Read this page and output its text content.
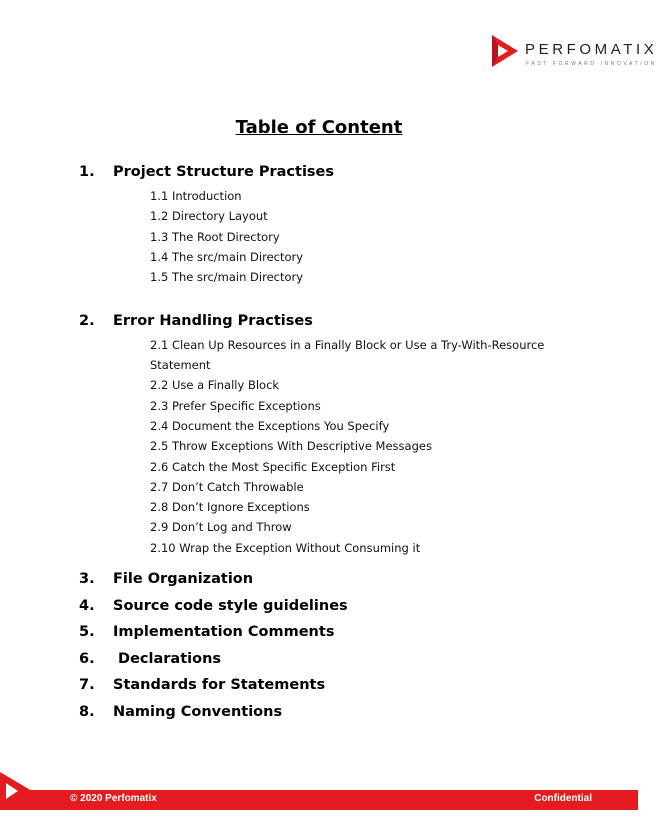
PERFOMATIX
FAST FORWARD INNOVATION
Table of Content
1. Project Structure Practises
1.1 Introduction
1.2 Directory Layout
1.3 The Root Directory
1.4 The src/main Directory
1.5 The src/main Directory
2. Error Handling Practises
2.1 Clean Up Resources in a Finally Block or Use a Try-With-Resource
Statement
2.2 Use a Finally Block
2.3 Prefer Specific Exceptions
2.4 Document the Exceptions You Specify
2.5 Throw Exceptions With Descriptive Messages
2.6 Catch the Most Specific Exception First
2.7 Don’t Catch Throwable
2.8 Don’t Ignore Exceptions
2.9 Don’t Log and Throw
2.10 Wrap the Exception Without Consuming it
3. File Organization
4. Source code style guidelines
5. Implementation Comments
6. Declarations
7. Standards for Statements
8. Naming Conventions
© 2020 Perfomatix	Confidential
